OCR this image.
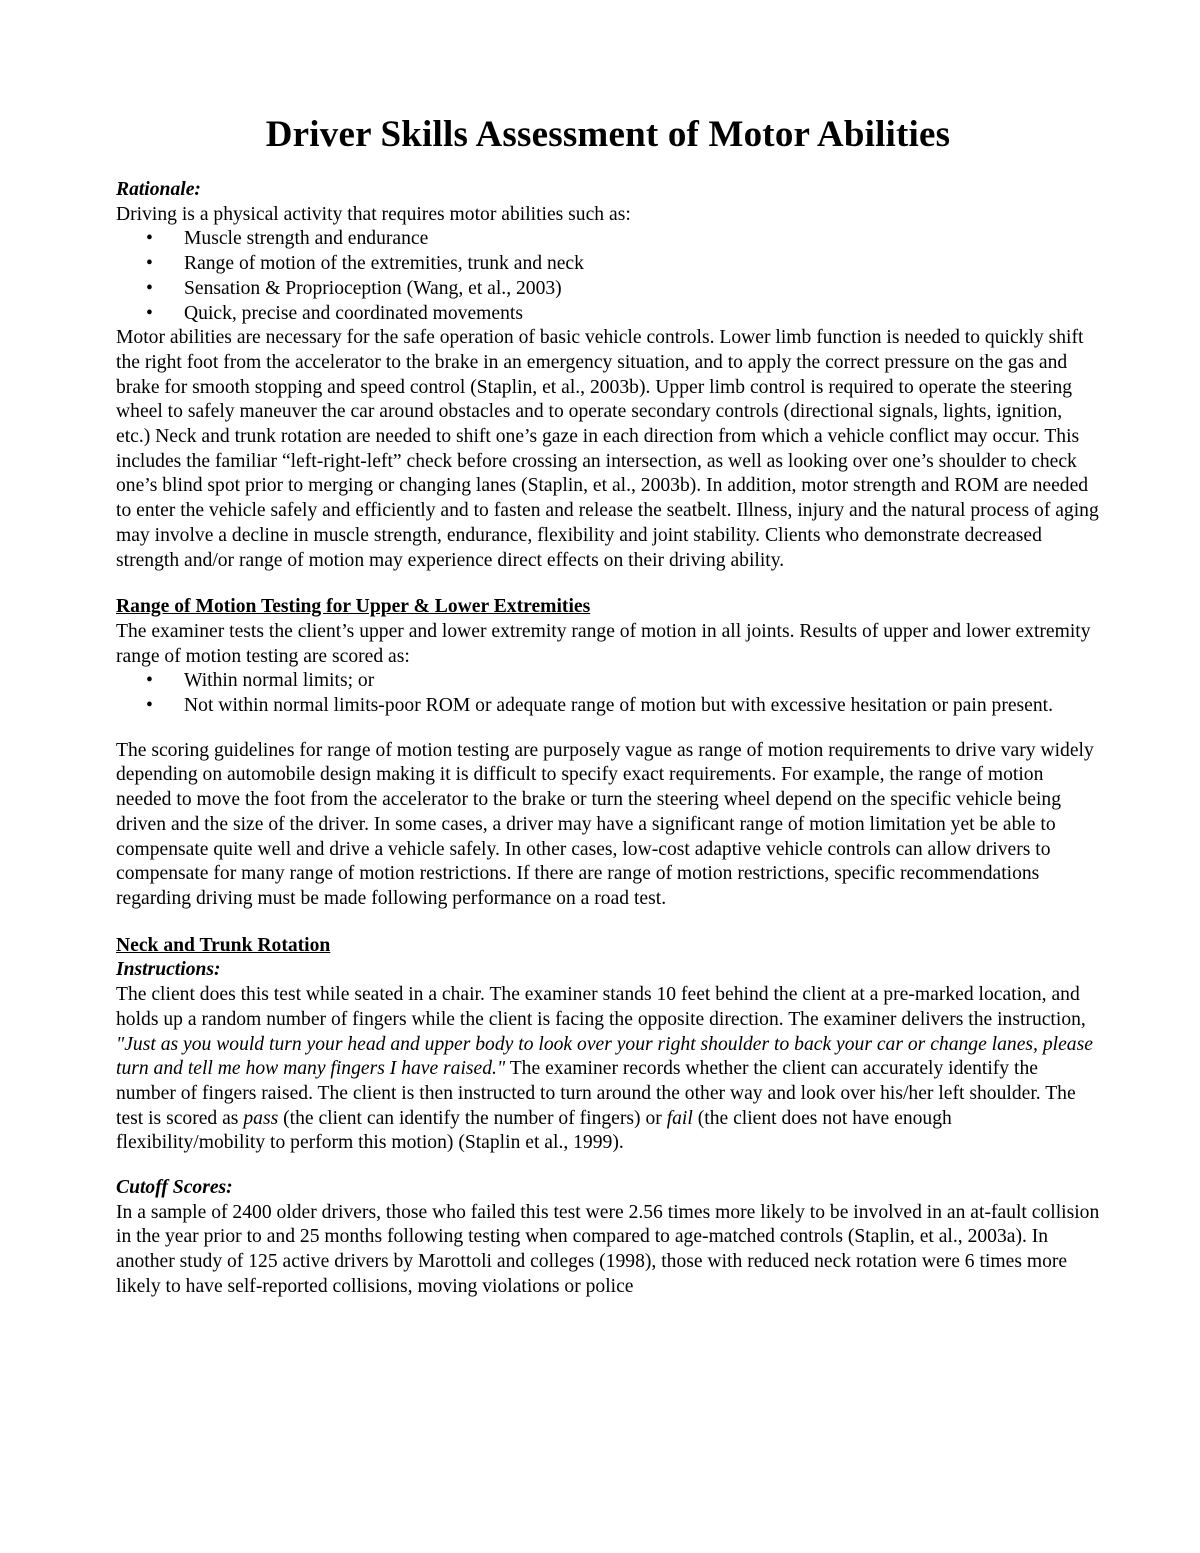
Driver Skills Assessment of Motor Abilities

Rationale:

Driving is a physical activity that requires motor abilities such as:

• Muscle strength and endurance
• Range of motion of the extremities, trunk and neck
• Sensation & Proprioception (Wang, et al., 2003)
• Quick, precise and coordinated movements

Motor abilities are necessary for the safe operation of basic vehicle controls. Lower limb function is needed to quickly shift the right foot from the accelerator to the brake in an emergency situation, and to apply the correct pressure on the gas and brake for smooth stopping and speed control (Staplin, et al., 2003b). Upper limb control is required to operate the steering wheel to safely maneuver the car around obstacles and to operate secondary controls (directional signals, lights, ignition, etc.) Neck and trunk rotation are needed to shift one’s gaze in each direction from which a vehicle conflict may occur. This includes the familiar “left-right-left” check before crossing an intersection, as well as looking over one’s shoulder to check one’s blind spot prior to merging or changing lanes (Staplin, et al., 2003b). In addition, motor strength and ROM are needed to enter the vehicle safely and efficiently and to fasten and release the seatbelt. Illness, injury and the natural process of aging may involve a decline in muscle strength, endurance, flexibility and joint stability. Clients who demonstrate decreased strength and/or range of motion may experience direct effects on their driving ability.

Range of Motion Testing for Upper & Lower Extremities

The examiner tests the client’s upper and lower extremity range of motion in all joints. Results of upper and lower extremity range of motion testing are scored as:

• Within normal limits; or
• Not within normal limits-poor ROM or adequate range of motion but with excessive hesitation or pain present.

The scoring guidelines for range of motion testing are purposely vague as range of motion requirements to drive vary widely depending on automobile design making it is difficult to specify exact requirements. For example, the range of motion needed to move the foot from the accelerator to the brake or turn the steering wheel depend on the specific vehicle being driven and the size of the driver. In some cases, a driver may have a significant range of motion limitation yet be able to compensate quite well and drive a vehicle safely. In other cases, low-cost adaptive vehicle controls can allow drivers to compensate for many range of motion restrictions. If there are range of motion restrictions, specific recommendations regarding driving must be made following performance on a road test.

Neck and Trunk Rotation

Instructions:

The client does this test while seated in a chair. The examiner stands 10 feet behind the client at a pre-marked location, and holds up a random number of fingers while the client is facing the opposite direction. The examiner delivers the instruction, "Just as you would turn your head and upper body to look over your right shoulder to back your car or change lanes, please turn and tell me how many fingers I have raised." The examiner records whether the client can accurately identify the number of fingers raised. The client is then instructed to turn around the other way and look over his/her left shoulder. The test is scored as pass (the client can identify the number of fingers) or fail (the client does not have enough flexibility/mobility to perform this motion) (Staplin et al., 1999).

Cutoff Scores:

In a sample of 2400 older drivers, those who failed this test were 2.56 times more likely to be involved in an at-fault collision in the year prior to and 25 months following testing when compared to age-matched controls (Staplin, et al., 2003a). In another study of 125 active drivers by Marottoli and colleges (1998), those with reduced neck rotation were 6 times more likely to have self-reported collisions, moving violations or police
